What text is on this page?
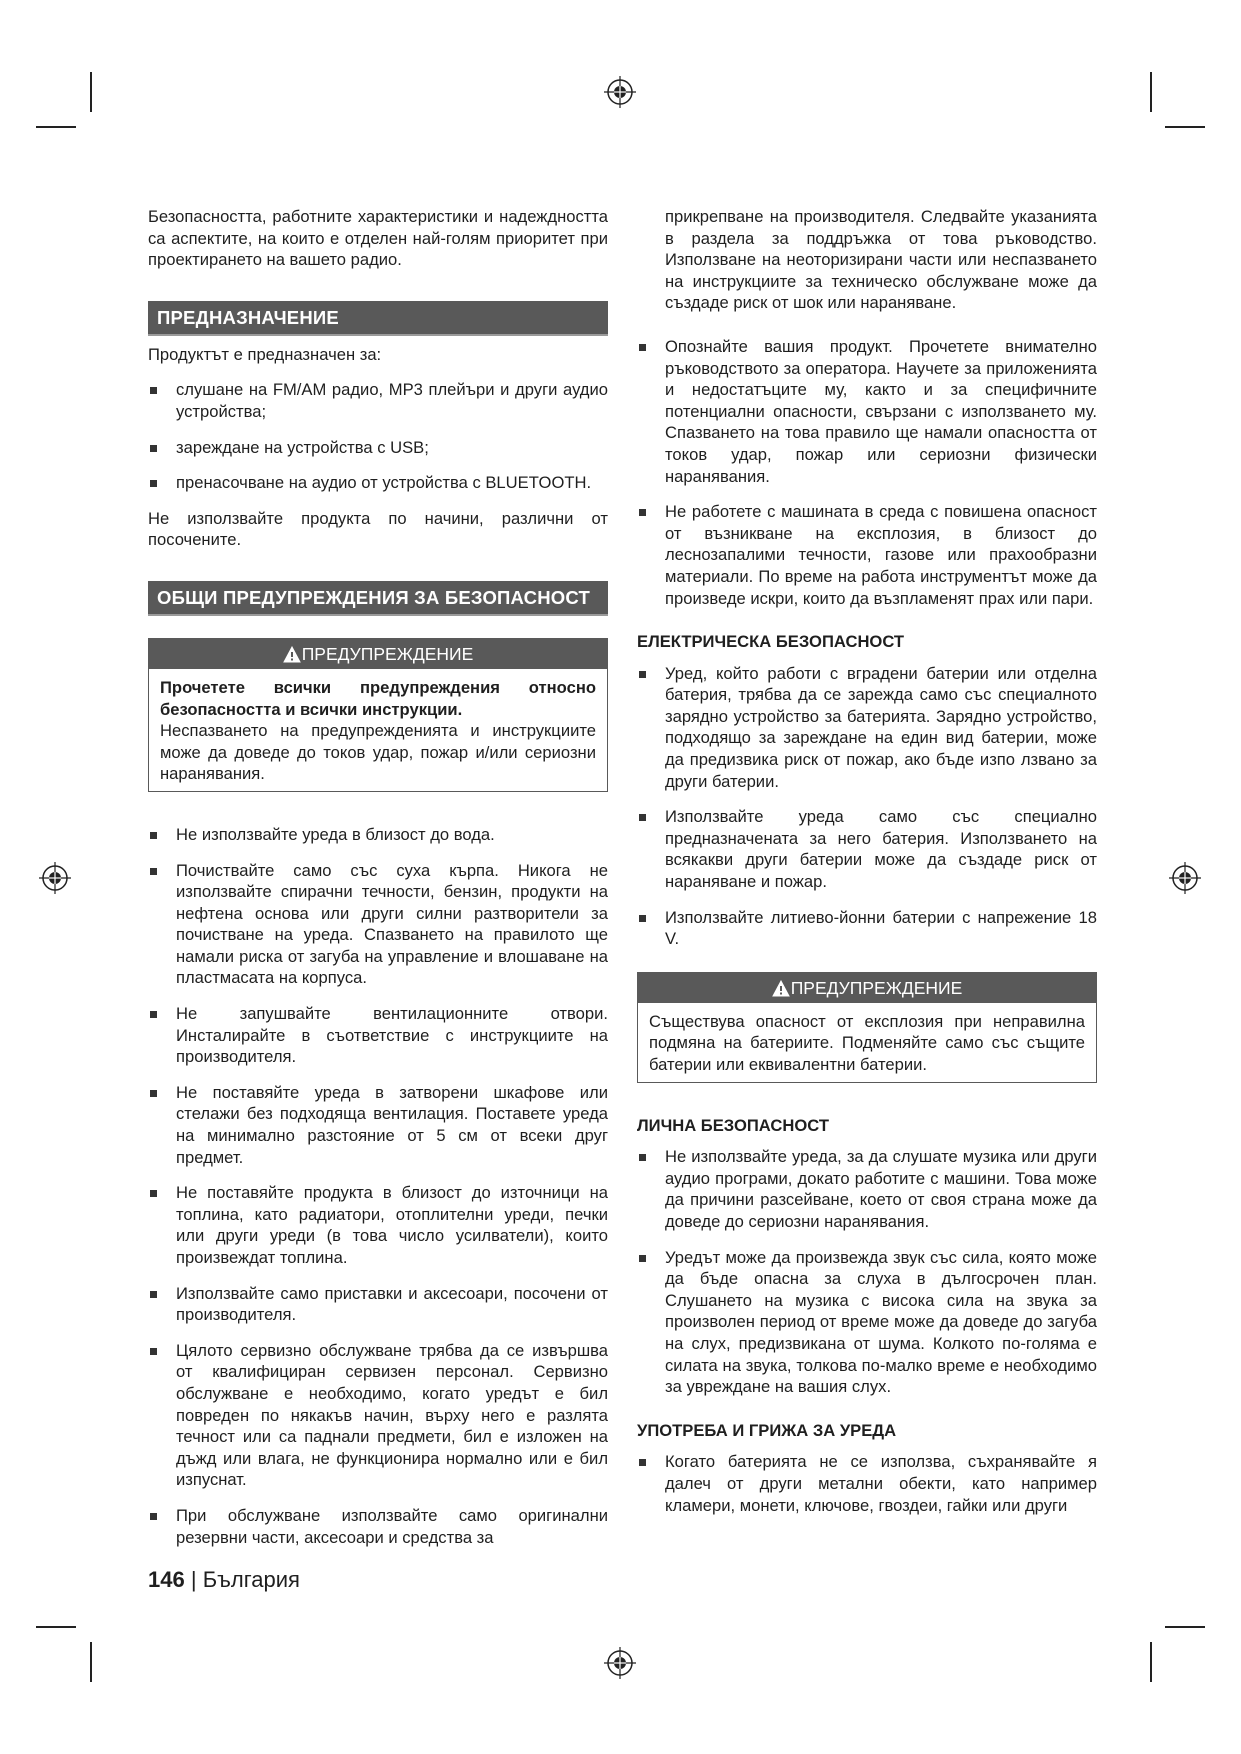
Безопасността, работните характеристики и надеждността са аспектите, на които е отделен най-голям приоритет при проектирането на вашето радио.

ПРЕДНАЗНАЧЕНИЕ

Продуктът е предназначен за:

слушане на FM/AM радио, MP3 плейъри и други аудио устройства;
зареждане на устройства с USB;
пренасочване на аудио от устройства с BLUETOOTH.

Не използвайте продукта по начини, различни от посочените.

ОБЩИ ПРЕДУПРЕЖДЕНИЯ ЗА БЕЗОПАСНОСТ
ПРЕДУПРЕЖДЕНИЕ

Прочетете всички предупреждения относно безопасността и всички инструкции.

Неспазването на предупрежденията и инструкциите може да доведе до токов удар, пожар и/или сериозни наранявания.

Не използвайте уреда в близост до вода.
Почиствайте само със суха кърпа. Никога не използвайте спирачни течности, бензин, продукти на нефтена основа или други силни разтворители за почистване на уреда. Спазването на правилото ще намали риска от загуба на управление и влошаване на пластмасата на корпуса.
Не запушвайте вентилационните отвори. Инсталирайте в съответствие с инструкциите на производителя.
Не поставяйте уреда в затворени шкафове или стелажи без подходяща вентилация. Поставете уреда на минимално разстояние от 5 см от всеки друг предмет.
Не поставяйте продукта в близост до източници на топлина, като радиатори, отоплителни уреди, печки или други уреди (в това число усилватели), които произвеждат топлина.
Използвайте само приставки и аксесоари, посочени от производителя.
Цялото сервизно обслужване трябва да се извършва от квалифициран сервизен персонал. Сервизно обслужване е необходимо, когато уредът е бил повреден по някакъв начин, върху него е разлята течност или са паднали предмети, бил е изложен на дъжд или влага, не функционира нормално или е бил изпуснат.
При обслужване използвайте само оригинални резервни части, аксесоари и средства за

прикрепване на производителя. Следвайте указанията в раздела за поддръжка от това ръководство. Използване на неоторизирани части или неспазването на инструкциите за техническо обслужване може да създаде риск от шок или нараняване.

Опознайте вашия продукт. Прочетете внимателно ръководството за оператора. Научете за приложенията и недостатъците му, както и за специфичните потенциални опасности, свързани с използването му. Спазването на това правило ще намали опасността от токов удар, пожар или сериозни физически наранявания.
Не работете с машината в среда с повишена опасност от възникване на експлозия, в близост до леснозапалими течности, газове или прахообразни материали. По време на работа инструментът може да произведе искри, които да възпламенят прах или пари.

ЕЛЕКТРИЧЕСКА БЕЗОПАСНОСТ

Уред, който работи с вградени батерии или отделна батерия, трябва да се зарежда само със специалното зарядно устройство за батерията. Зарядно устройство, подходящо за зареждане на един вид батерии, може да предизвика риск от пожар, ако бъде изпо лзвано за други батерии.
Използвайте уреда само със специално предназначената за него батерия. Използването на всякакви други батерии може да създаде риск от нараняване и пожар.
Използвайте литиево-йонни батерии с напрежение 18 V.
ПРЕДУПРЕЖДЕНИЕ

Съществува опасност от експлозия при неправилна подмяна на батериите. Подменяйте само със същите батерии или еквивалентни батерии.

ЛИЧНА БЕЗОПАСНОСТ

Не използвайте уреда, за да слушате музика или други аудио програми, докато работите с машини. Това може да причини разсейване, което от своя страна може да доведе до сериозни наранявания.
Уредът може да произвежда звук със сила, която може да бъде опасна за слуха в дългосрочен план. Слушането на музика с висока сила на звука за произволен период от време може да доведе до загуба на слух, предизвикана от шума. Колкото по-голяма е силата на звука, толкова по-малко време е необходимо за увреждане на вашия слух.

УПОТРЕБА И ГРИЖА ЗА УРЕДА

Когато батерията не се използва, съхранявайте я далеч от други метални обекти, като например кламери, монети, ключове, гвоздеи, гайки или други
146 | България
